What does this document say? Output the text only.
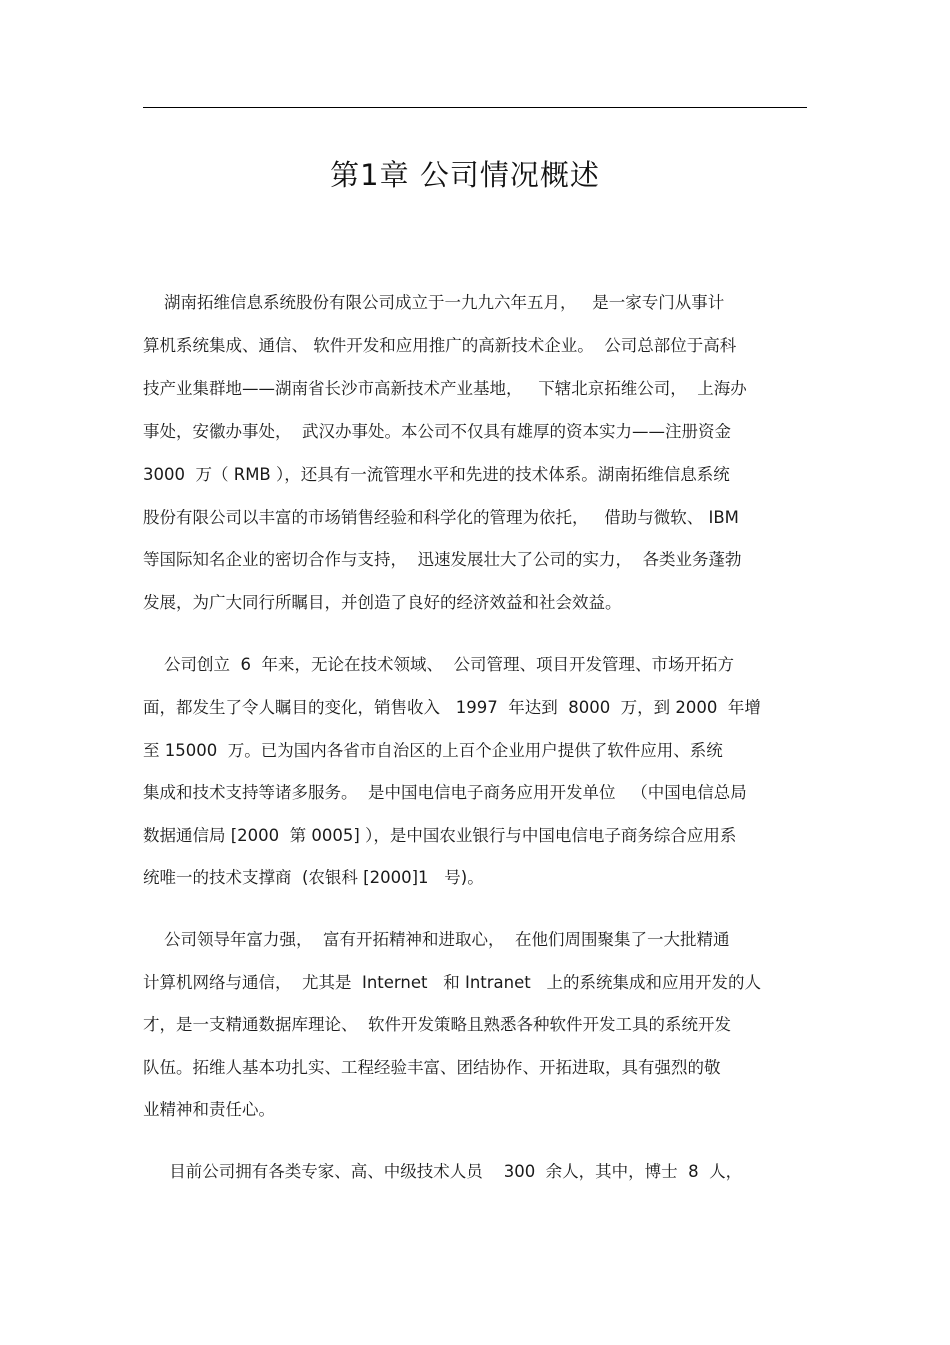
第1章 公司情况概述
湖南拓维信息系统股份有限公司成立于一九九六年五月，   是一家专门从事计
算机系统集成、通信、 软件开发和应用推广的高新技术企业。  公司总部位于高科
技产业集群地——湖南省长沙市高新技术产业基地，   下辖北京拓维公司，  上海办
事处，安徽办事处，  武汉办事处。本公司不仅具有雄厚的资本实力——注册资金
3000  万（ RMB ），还具有一流管理水平和先进的技术体系。湖南拓维信息系统
股份有限公司以丰富的市场销售经验和科学化的管理为依托，   借助与微软、 IBM
等国际知名企业的密切合作与支持，  迅速发展壮大了公司的实力，  各类业务蓬勃
发展，为广大同行所瞩目，并创造了良好的经济效益和社会效益。
公司创立  6  年来，无论在技术领域、  公司管理、项目开发管理、市场开拓方
面，都发生了令人瞩目的变化，销售收入   1997  年达到  8000  万，到 2000  年增
至 15000  万。已为国内各省市自治区的上百个企业用户提供了软件应用、系统
集成和技术支持等诸多服务。  是中国电信电子商务应用开发单位   （中国电信总局
数据通信局 [2000  第 0005] ），是中国农业银行与中国电信电子商务综合应用系
统唯一的技术支撑商  (农银科 [2000]1   号)。
公司领导年富力强，  富有开拓精神和进取心，  在他们周围聚集了一大批精通
计算机网络与通信，  尤其是  Internet   和 Intranet   上的系统集成和应用开发的人
才，是一支精通数据库理论、  软件开发策略且熟悉各种软件开发工具的系统开发
队伍。拓维人基本功扎实、工程经验丰富、团结协作、开拓进取，具有强烈的敬
业精神和责任心。
目前公司拥有各类专家、高、中级技术人员    300  余人，其中，博士  8  人，
